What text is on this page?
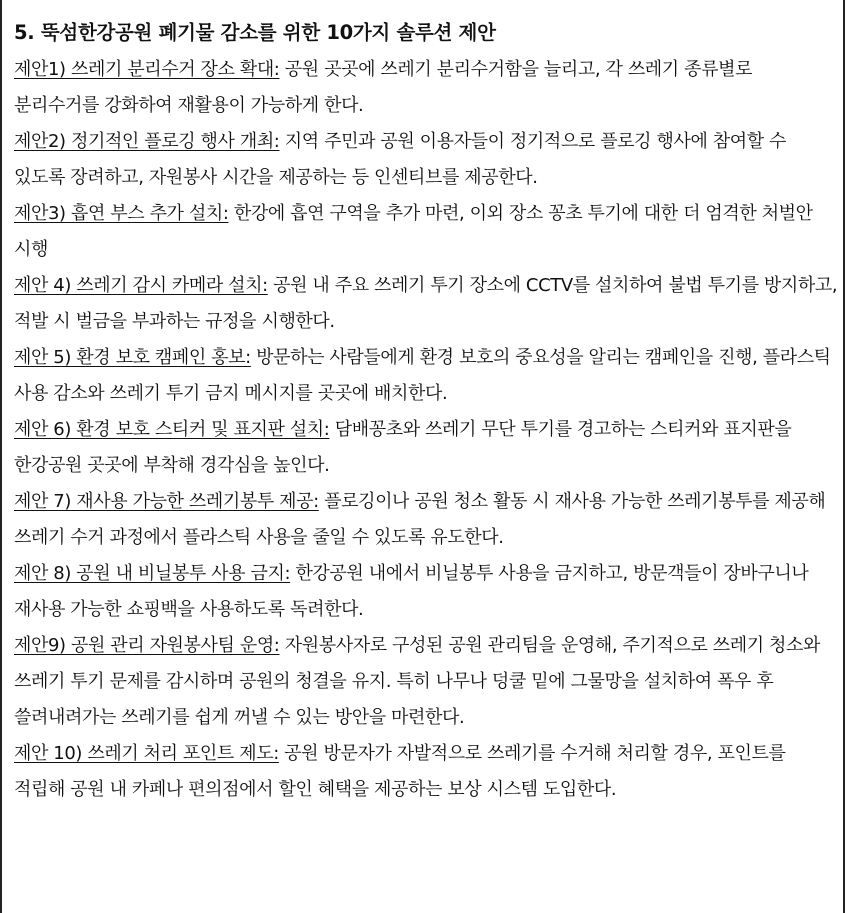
5. 뚝섬한강공원 폐기물 감소를 위한 10가지 솔루션 제안

제안1) 쓰레기 분리수거 장소 확대: 공원 곳곳에 쓰레기 분리수거함을 늘리고, 각 쓰레기 종류별로 분리수거를 강화하여 재활용이 가능하게 한다.

제안2) 정기적인 플로깅 행사 개최: 지역 주민과 공원 이용자들이 정기적으로 플로깅 행사에 참여할 수 있도록 장려하고, 자원봉사 시간을 제공하는 등 인센티브를 제공한다.

제안3) 흡연 부스 추가 설치: 한강에 흡연 구역을 추가 마련, 이외 장소 꽁초 투기에 대한 더 엄격한 처벌안 시행

제안 4) 쓰레기 감시 카메라 설치: 공원 내 주요 쓰레기 투기 장소에 CCTV를 설치하여 불법 투기를 방지하고, 적발 시 벌금을 부과하는 규정을 시행한다.

제안 5) 환경 보호 캠페인 홍보: 방문하는 사람들에게 환경 보호의 중요성을 알리는 캠페인을 진행, 플라스틱 사용 감소와 쓰레기 투기 금지 메시지를 곳곳에 배치한다.

제안 6) 환경 보호 스티커 및 표지판 설치: 담배꽁초와 쓰레기 무단 투기를 경고하는 스티커와 표지판을 한강공원 곳곳에 부착해 경각심을 높인다.

제안 7) 재사용 가능한 쓰레기봉투 제공: 플로깅이나 공원 청소 활동 시 재사용 가능한 쓰레기봉투를 제공해 쓰레기 수거 과정에서 플라스틱 사용을 줄일 수 있도록 유도한다.

제안 8) 공원 내 비닐봉투 사용 금지: 한강공원 내에서 비닐봉투 사용을 금지하고, 방문객들이 장바구니나 재사용 가능한 쇼핑백을 사용하도록 독려한다.

제안9) 공원 관리 자원봉사팀 운영: 자원봉사자로 구성된 공원 관리팀을 운영해, 주기적으로 쓰레기 청소와 쓰레기 투기 문제를 감시하며 공원의 청결을 유지. 특히 나무나 덩쿨 밑에 그물망을 설치하여 폭우 후 쓸려내려가는 쓰레기를 쉽게 꺼낼 수 있는 방안을 마련한다.

제안 10) 쓰레기 처리 포인트 제도: 공원 방문자가 자발적으로 쓰레기를 수거해 처리할 경우, 포인트를 적립해 공원 내 카페나 편의점에서 할인 혜택을 제공하는 보상 시스템 도입한다.
